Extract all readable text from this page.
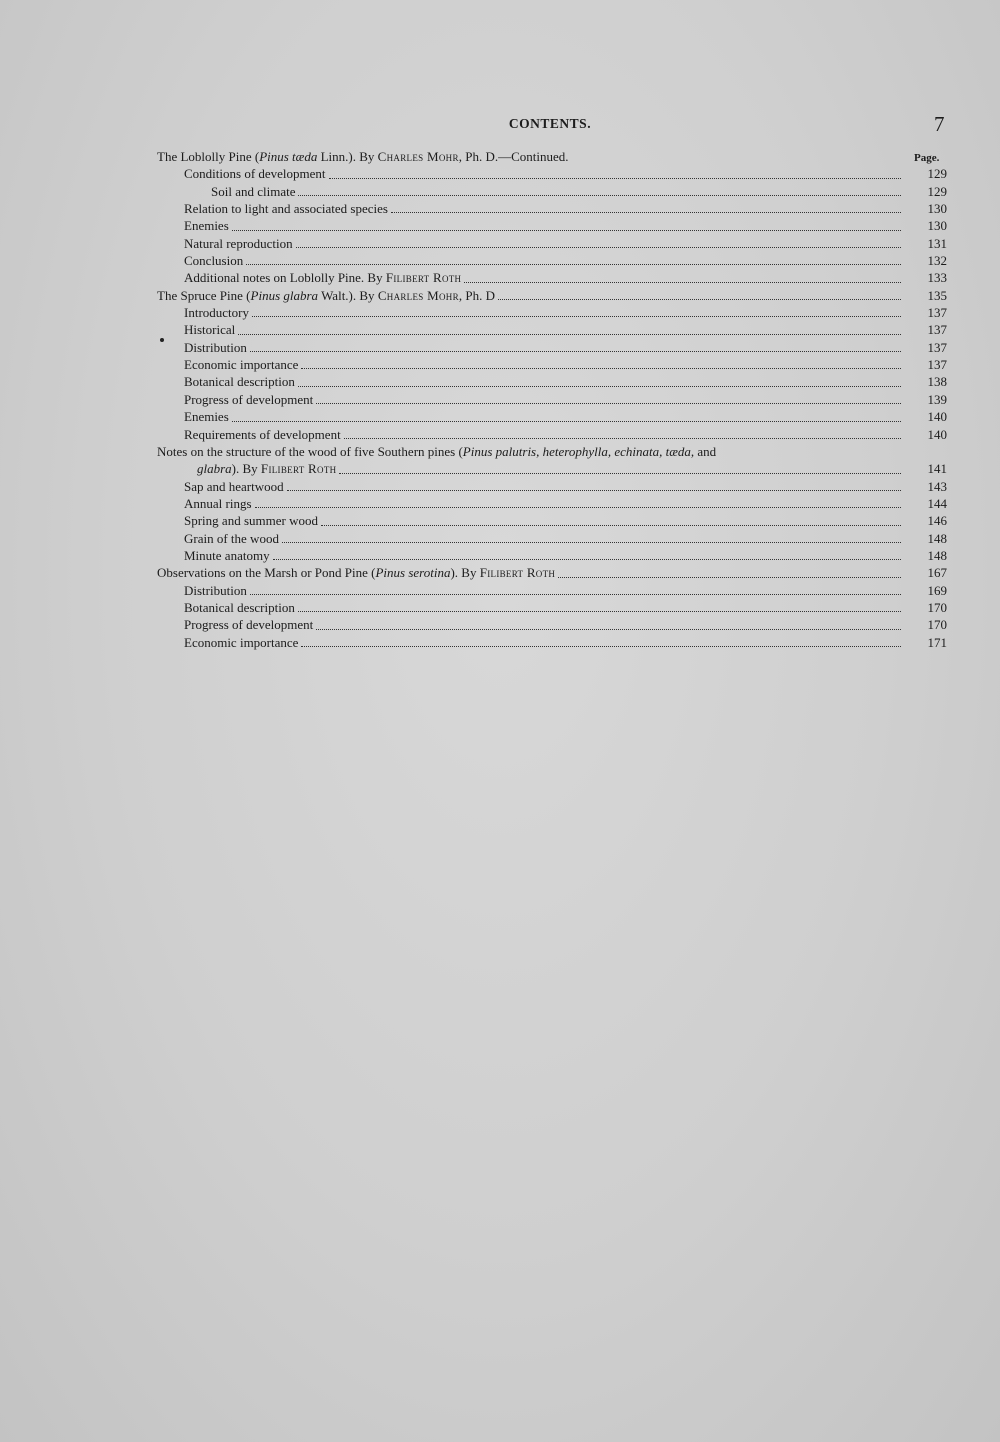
CONTENTS.	7
Page.
The Loblolly Pine (Pinus tæda Linn.). By Charles Mohr, Ph. D.—Continued.
Conditions of development	129
Soil and climate	129
Relation to light and associated species	130
Enemies	130
Natural reproduction	131
Conclusion	132
Additional notes on Loblolly Pine. By Filibert Roth	133
The Spruce Pine (Pinus glabra Walt.). By Charles Mohr, Ph. D	135
Introductory	137
Historical	137
Distribution	137
Economic importance	137
Botanical description	138
Progress of development	139
Enemies	140
Requirements of development	140
Notes on the structure of the wood of five Southern pines (Pinus palutris, heterophylla, echinata, tæda, and
glabra). By Filibert Roth	141
Sap and heartwood	143
Annual rings	144
Spring and summer wood	146
Grain of the wood	148
Minute anatomy	148
Observations on the Marsh or Pond Pine (Pinus serotina). By Filibert Roth	167
Distribution	169
Botanical description	170
Progress of development	170
Economic importance	171
